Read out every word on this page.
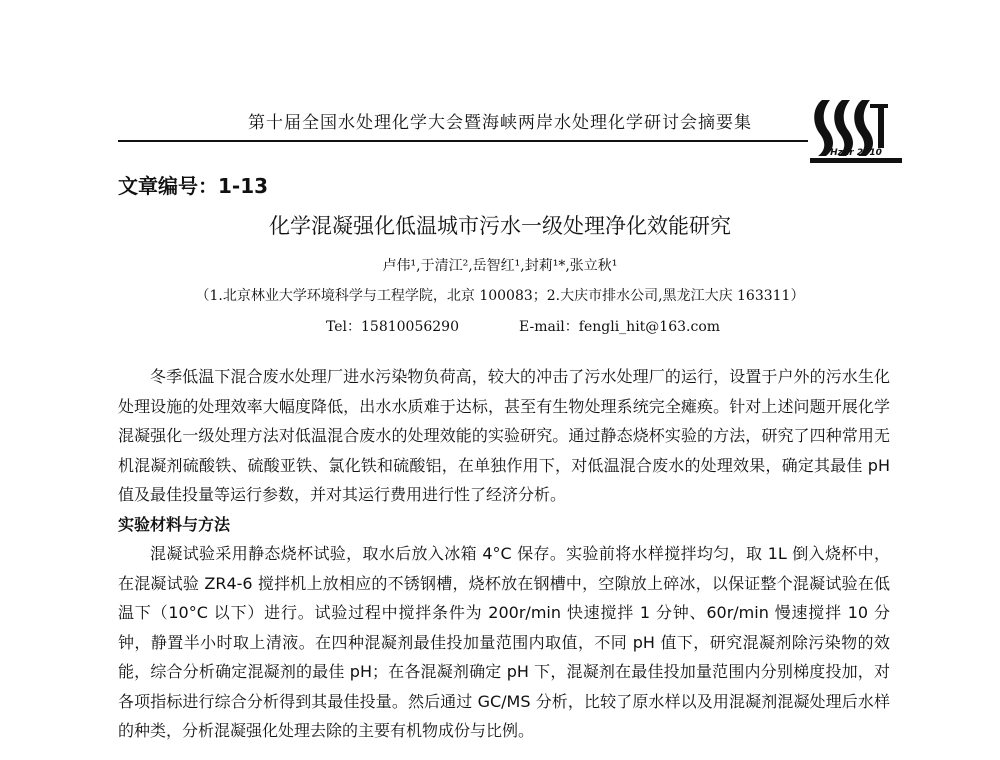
第十届全国水处理化学大会暨海峡两岸水处理化学研讨会摘要集
Hzdr 2010
文章编号：1-13
化学混凝强化低温城市污水一级处理净化效能研究
卢伟¹,于清江²,岳智红¹,封莉¹*,张立秋¹
（1.北京林业大学环境科学与工程学院，北京 100083；2.大庆市排水公司,黑龙江大庆 163311）
Tel：15810056290	E-mail：fengli_hit@163.com

冬季低温下混合废水处理厂进水污染物负荷高，较大的冲击了污水处理厂的运行，设置于户外的污水生化处理设施的处理效率大幅度降低，出水水质难于达标，甚至有生物处理系统完全瘫痪。针对上述问题开展化学混凝强化一级处理方法对低温混合废水的处理效能的实验研究。通过静态烧杯实验的方法，研究了四种常用无机混凝剂硫酸铁、硫酸亚铁、氯化铁和硫酸铝，在单独作用下，对低温混合废水的处理效果，确定其最佳 pH 值及最佳投量等运行参数，并对其运行费用进行性了经济分析。

实验材料与方法

混凝试验采用静态烧杯试验，取水后放入冰箱 4°C 保存。实验前将水样搅拌均匀，取 1L 倒入烧杯中，在混凝试验 ZR4-6 搅拌机上放相应的不锈钢槽，烧杯放在钢槽中，空隙放上碎冰，以保证整个混凝试验在低温下（10°C 以下）进行。试验过程中搅拌条件为 200r/min 快速搅拌 1 分钟、60r/min 慢速搅拌 10 分钟，静置半小时取上清液。在四种混凝剂最佳投加量范围内取值，不同 pH 值下，研究混凝剂除污染物的效能，综合分析确定混凝剂的最佳 pH；在各混凝剂确定 pH 下，混凝剂在最佳投加量范围内分别梯度投加，对各项指标进行综合分析得到其最佳投量。然后通过 GC/MS 分析，比较了原水样以及用混凝剂混凝处理后水样的种类，分析混凝强化处理去除的主要有机物成份与比例。
